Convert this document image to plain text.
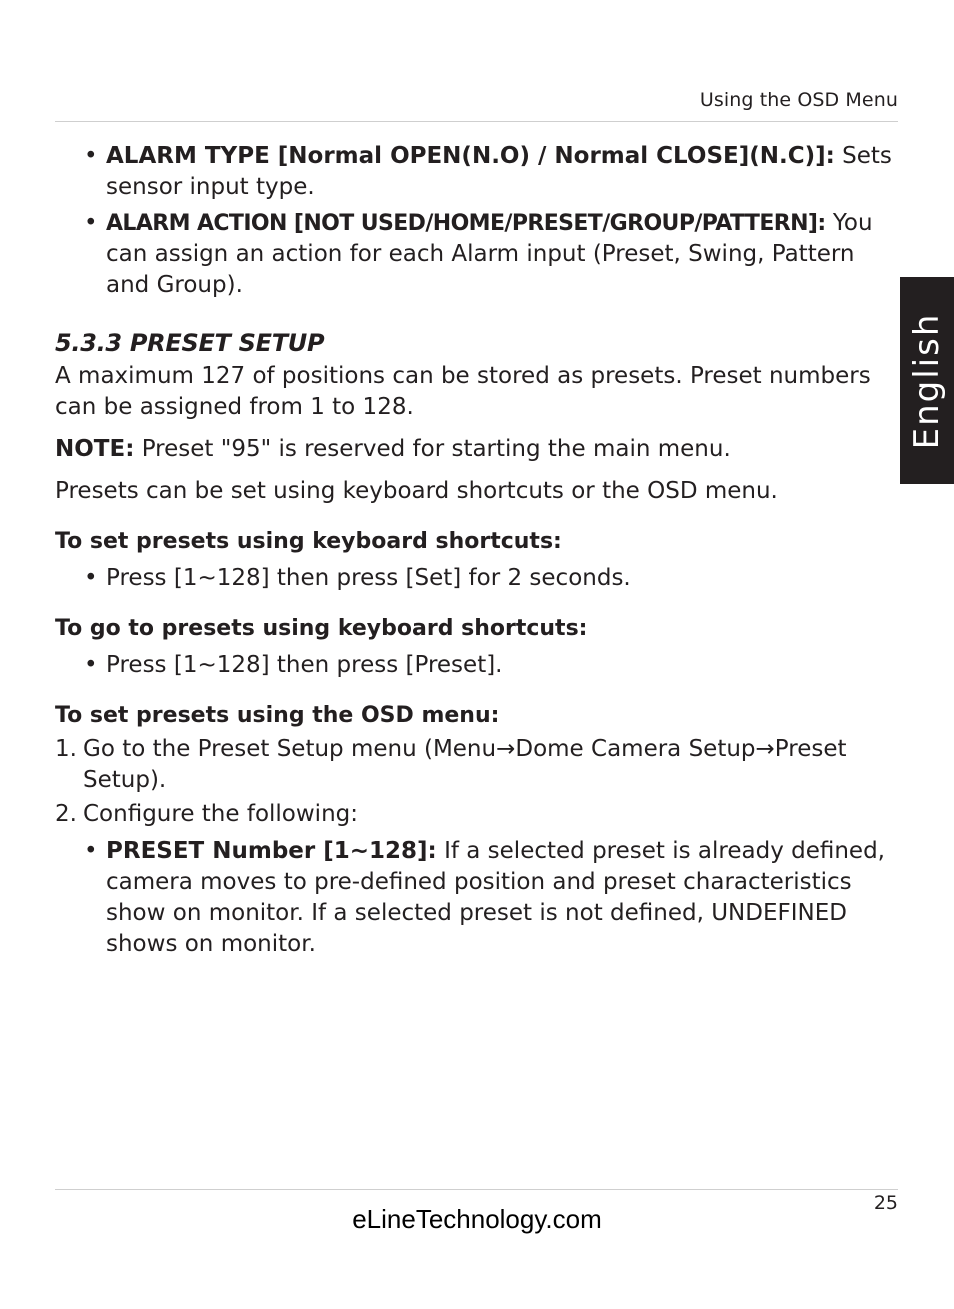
Using the OSD Menu
English

• ALARM TYPE [Normal OPEN(N.O) / Normal CLOSE](N.C)]: Sets sensor input type.

• ALARM ACTION [NOT USED/HOME/PRESET/GROUP/PATTERN]: You can assign an action for each Alarm input (Preset, Swing, Pattern and Group).

5.3.3 PRESET SETUP

A maximum 127 of positions can be stored as presets. Preset numbers can be assigned from 1 to 128.

NOTE: Preset "95" is reserved for starting the main menu.

Presets can be set using keyboard shortcuts or the OSD menu.

To set presets using keyboard shortcuts:

• Press [1~128] then press [Set] for 2 seconds.

To go to presets using keyboard shortcuts:

• Press [1~128] then press [Preset].

To set presets using the OSD menu:

1. Go to the Preset Setup menu (Menu→Dome Camera Setup→Preset Setup).

2. Configure the following:

• PRESET Number [1~128]: If a selected preset is already defined, camera moves to pre-defined position and preset characteristics show on monitor. If a selected preset is not defined, UNDEFINED shows on monitor.

25
eLineTechnology.com
